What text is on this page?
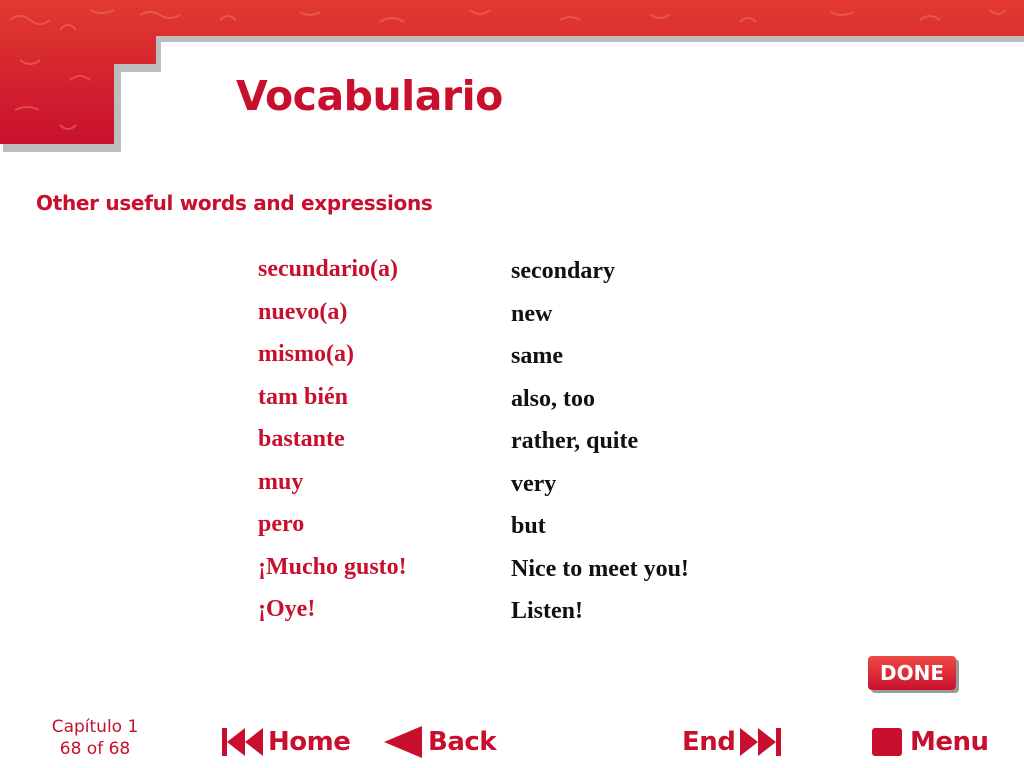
Vocabulario
Other useful words and expressions
secundario(a)	secondary
nuevo(a)	new
mismo(a)	same
tam bién	also, too
bastante	rather, quite
muy	very
pero	but
¡Mucho gusto!	Nice to meet you!
¡Oye!	Listen!
DONE
Capítulo 1
68 of 68	Home	Back	End	Menu
